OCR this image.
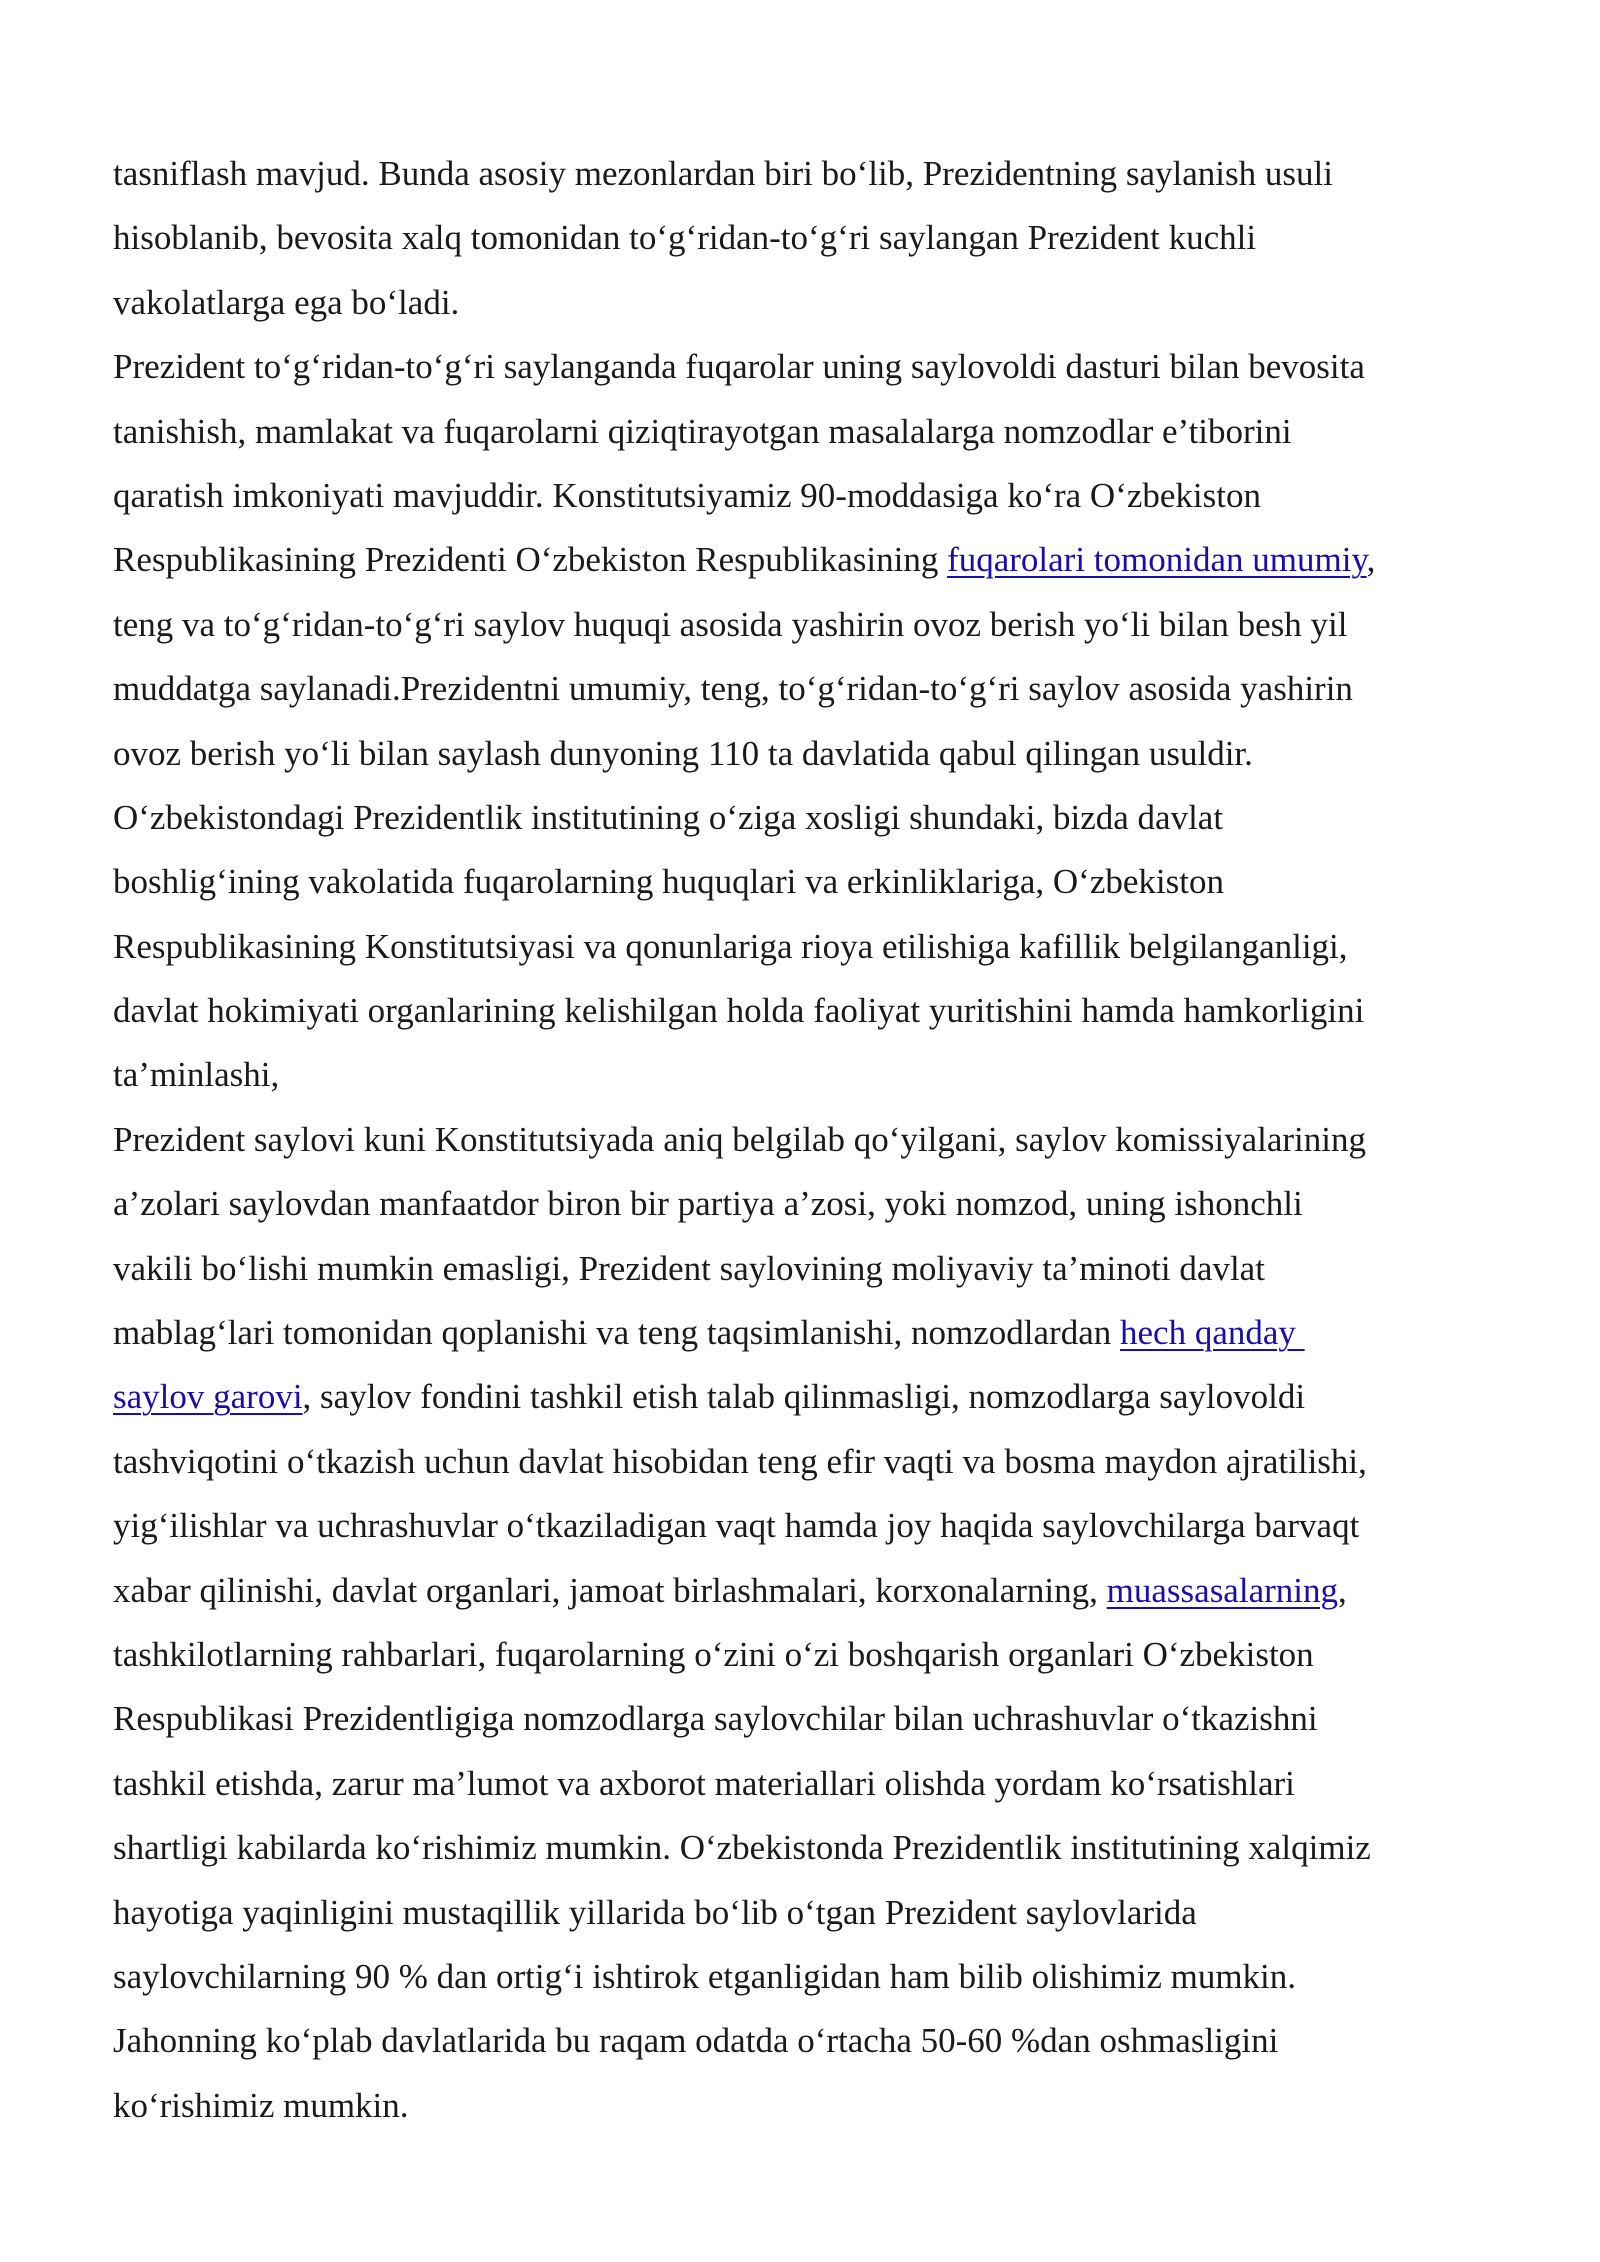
tasniflash mavjud. Bunda asosiy mezonlardan biri bo‘lib, Prezidentning saylanish usuli
hisoblanib, bevosita xalq tomonidan to‘g‘ridan-to‘g‘ri saylangan Prezident kuchli
vakolatlarga ega bo‘ladi.
Prezident to‘g‘ridan-to‘g‘ri saylanganda fuqarolar uning saylovoldi dasturi bilan bevosita
tanishish, mamlakat va fuqarolarni qiziqtirayotgan masalalarga nomzodlar e’tiborini
qaratish imkoniyati mavjuddir. Konstitutsiyamiz 90-moddasiga ko‘ra O‘zbekiston
Respublikasining Prezidenti O‘zbekiston Respublikasining fuqarolari tomonidan umumiy,
teng va to‘g‘ridan-to‘g‘ri saylov huquqi asosida yashirin ovoz berish yo‘li bilan besh yil
muddatga saylanadi.Prezidentni umumiy, teng, to‘g‘ridan-to‘g‘ri saylov asosida yashirin
ovoz berish yo‘li bilan saylash dunyoning 110 ta davlatida qabul qilingan usuldir.
O‘zbekistondagi Prezidentlik institutining o‘ziga xosligi shundaki, bizda davlat
boshlig‘ining vakolatida fuqarolarning huquqlari va erkinliklariga, O‘zbekiston
Respublikasining Konstitutsiyasi va qonunlariga rioya etilishiga kafillik belgilanganligi,
davlat hokimiyati organlarining kelishilgan holda faoliyat yuritishini hamda hamkorligini
ta’minlashi,
Prezident saylovi kuni Konstitutsiyada aniq belgilab qo‘yilgani, saylov komissiyalarining
a’zolari saylovdan manfaatdor biron bir partiya a’zosi, yoki nomzod, uning ishonchli
vakili bo‘lishi mumkin emasligi, Prezident saylovining moliyaviy ta’minoti davlat
mablag‘lari tomonidan qoplanishi va teng taqsimlanishi, nomzodlardan hech qanday
saylov garovi, saylov fondini tashkil etish talab qilinmasligi, nomzodlarga saylovoldi
tashviqotini o‘tkazish uchun davlat hisobidan teng efir vaqti va bosma maydon ajratilishi,
yig‘ilishlar va uchrashuvlar o‘tkaziladigan vaqt hamda joy haqida saylovchilarga barvaqt
xabar qilinishi, davlat organlari, jamoat birlashmalari, korxonalarning, muassasalarning,
tashkilotlarning rahbarlari, fuqarolarning o‘zini o‘zi boshqarish organlari O‘zbekiston
Respublikasi Prezidentligiga nomzodlarga saylovchilar bilan uchrashuvlar o‘tkazishni
tashkil etishda, zarur ma’lumot va axborot materiallari olishda yordam ko‘rsatishlari
shartligi kabilarda ko‘rishimiz mumkin. O‘zbekistonda Prezidentlik institutining xalqimiz
hayotiga yaqinligini mustaqillik yillarida bo‘lib o‘tgan Prezident saylovlarida
saylovchilarning 90 % dan ortig‘i ishtirok etganligidan ham bilib olishimiz mumkin.
Jahonning ko‘plab davlatlarida bu raqam odatda o‘rtacha 50-60 %dan oshmasligini
ko‘rishimiz mumkin.
